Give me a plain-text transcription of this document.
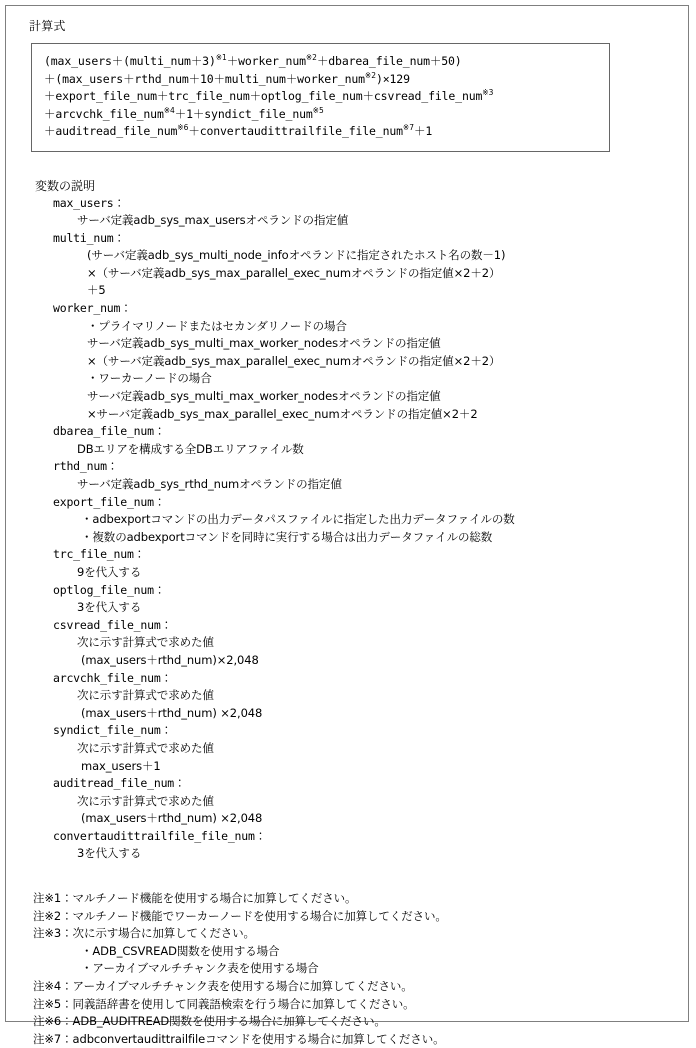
計算式
(max_users＋(multi_num＋3)$^{※1}$＋worker_num$^{※2}$＋dbarea_file_num＋50)
＋(max_users＋rthd_num＋10＋multi_num＋worker_num$^{※2}$)×129
＋export_file_num＋trc_file_num＋optlog_file_num＋csvread_file_num$^{※3}$
＋arcvchk_file_num$^{※4}$＋1＋syndict_file_num$^{※5}$
＋auditread_file_num$^{※6}$＋convertaudittrailfile_file_num$^{※7}$＋1
変数の説明
max_users：
サーバ定義adb_sys_max_usersオペランドの指定値
multi_num：
(サーバ定義adb_sys_multi_node_infoオペランドに指定されたホスト名の数－1)
×（サーバ定義adb_sys_max_parallel_exec_numオペランドの指定値×2＋2）
＋5
worker_num：
・プライマリノードまたはセカンダリノードの場合
サーバ定義adb_sys_multi_max_worker_nodesオペランドの指定値
×（サーバ定義adb_sys_max_parallel_exec_numオペランドの指定値×2＋2）
・ワーカーノードの場合
サーバ定義adb_sys_multi_max_worker_nodesオペランドの指定値
×サーバ定義adb_sys_max_parallel_exec_numオペランドの指定値×2＋2
dbarea_file_num：
DBエリアを構成する全DBエリアファイル数
rthd_num：
サーバ定義adb_sys_rthd_numオペランドの指定値
export_file_num：
・adbexportコマンドの出力データパスファイルに指定した出力データファイルの数
・複数のadbexportコマンドを同時に実行する場合は出力データファイルの総数
trc_file_num：
9を代入する
optlog_file_num：
3を代入する
csvread_file_num：
次に示す計算式で求めた値
(max_users＋rthd_num)×2,048
arcvchk_file_num：
次に示す計算式で求めた値
(max_users＋rthd_num) ×2,048
syndict_file_num：
次に示す計算式で求めた値
max_users＋1
auditread_file_num：
次に示す計算式で求めた値
(max_users＋rthd_num) ×2,048
convertaudittrailfile_file_num：
3を代入する
注※1：マルチノード機能を使用する場合に加算してください。
注※2：マルチノード機能でワーカーノードを使用する場合に加算してください。
注※3：次に示す場合に加算してください。
・ADB_CSVREAD関数を使用する場合
・アーカイブマルチチャンク表を使用する場合
注※4：アーカイブマルチチャンク表を使用する場合に加算してください。
注※5：同義語辞書を使用して同義語検索を行う場合に加算してください。
注※6：ADB_AUDITREAD関数を使用する場合に加算してください。
注※7：adbconvertaudittrailfileコマンドを使用する場合に加算してください。
